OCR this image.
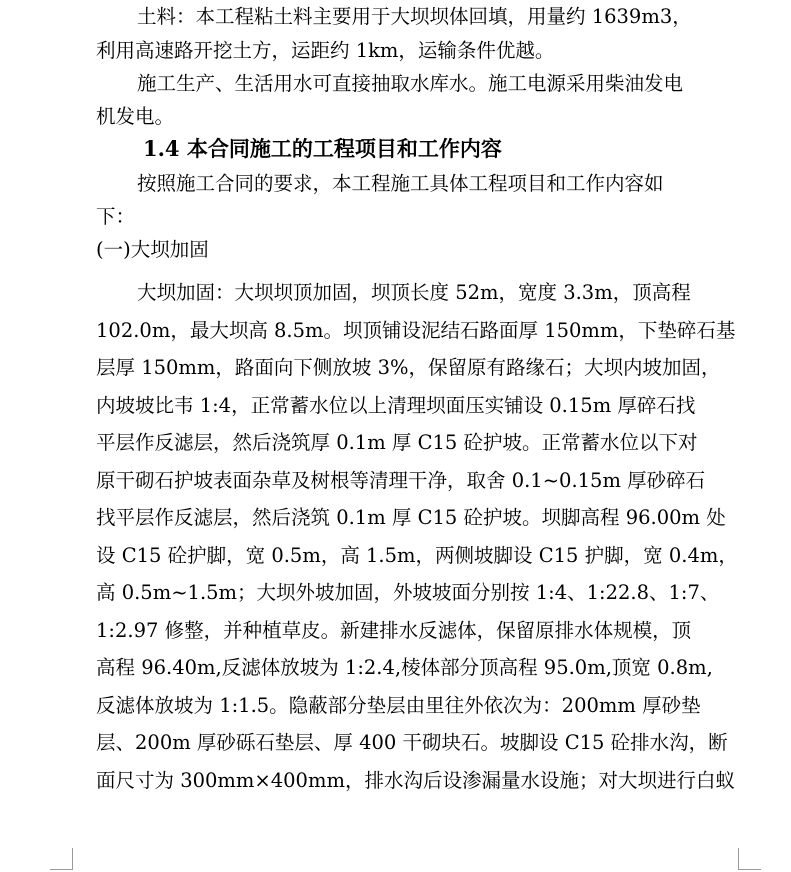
土料：本工程粘土料主要用于大坝坝体回填，用量约 1639m3，
利用高速路开挖土方，运距约 1km，运输条件优越。
施工生产、生活用水可直接抽取水库水。施工电源采用柴油发电
机发电。
1.4 本合同施工的工程项目和工作内容
按照施工合同的要求，本工程施工具体工程项目和工作内容如
下：
(一)大坝加固
大坝加固：大坝坝顶加固，坝顶长度 52m，宽度 3.3m，顶高程
102.0m，最大坝高 8.5m。坝顶铺设泥结石路面厚 150mm，下垫碎石基
层厚 150mm，路面向下侧放坡 3%，保留原有路缘石；大坝内坡加固，
内坡坡比韦 1:4，正常蓄水位以上清理坝面压实铺设 0.15m 厚碎石找
平层作反滤层，然后浇筑厚 0.1m 厚 C15 砼护坡。正常蓄水位以下对
原干砌石护坡表面杂草及树根等清理干净，取舍 0.1~0.15m 厚砂碎石
找平层作反滤层，然后浇筑 0.1m 厚 C15 砼护坡。坝脚高程 96.00m 处
设 C15 砼护脚，宽 0.5m，高 1.5m，两侧坡脚设 C15 护脚，宽 0.4m，
高 0.5m~1.5m；大坝外坡加固，外坡坡面分别按 1:4、1:22.8、1:7、
1:2.97 修整，并种植草皮。新建排水反滤体，保留原排水体规模，顶
高程 96.40m,反滤体放坡为 1:2.4,棱体部分顶高程 95.0m,顶宽 0.8m,
反滤体放坡为 1:1.5。隐蔽部分垫层由里往外依次为：200mm 厚砂垫
层、200m 厚砂砾石垫层、厚 400 干砌块石。坡脚设 C15 砼排水沟，断
面尺寸为 300mm×400mm，排水沟后设渗漏量水设施；对大坝进行白蚁
